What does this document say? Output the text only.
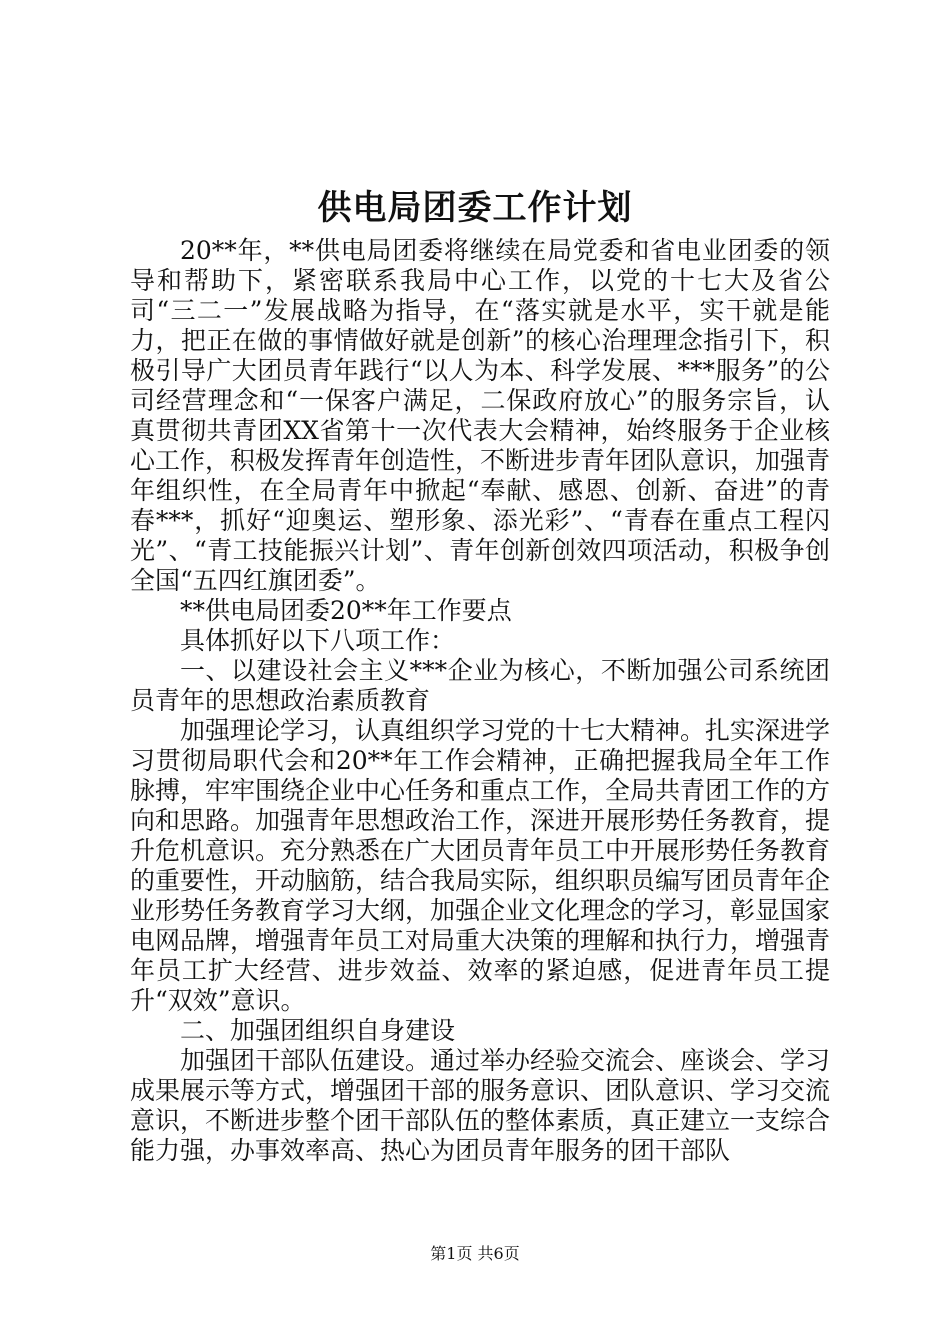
供电局团委工作计划

20**年，**供电局团委将继续在局党委和省电业团委的领导和帮助下，紧密联系我局中心工作，以党的十七大及省公司“三二一”发展战略为指导，在“落实就是水平，实干就是能力，把正在做的事情做好就是创新”的核心治理理念指引下，积极引导广大团员青年践行“以人为本、科学发展、***服务”的公司经营理念和“一保客户满足，二保政府放心”的服务宗旨，认真贯彻共青团XX省第十一次代表大会精神，始终服务于企业核心工作，积极发挥青年创造性，不断进步青年团队意识，加强青年组织性，在全局青年中掀起“奉献、感恩、创新、奋进”的青春***，抓好“迎奥运、塑形象、添光彩”、“青春在重点工程闪光”、“青工技能振兴计划”、青年创新创效四项活动，积极争创全国“五四红旗团委”。

**供电局团委20**年工作要点

具体抓好以下八项工作：

一、以建设社会主义***企业为核心，不断加强公司系统团员青年的思想政治素质教育

加强理论学习，认真组织学习党的十七大精神。扎实深进学习贯彻局职代会和20**年工作会精神，正确把握我局全年工作脉搏，牢牢围绕企业中心任务和重点工作，全局共青团工作的方向和思路。加强青年思想政治工作，深进开展形势任务教育，提升危机意识。充分熟悉在广大团员青年员工中开展形势任务教育的重要性，开动脑筋，结合我局实际，组织职员编写团员青年企业形势任务教育学习大纲，加强企业文化理念的学习，彰显国家电网品牌，增强青年员工对局重大决策的理解和执行力，增强青年员工扩大经营、进步效益、效率的紧迫感，促进青年员工提升“双效”意识。

二、加强团组织自身建设

加强团干部队伍建设。通过举办经验交流会、座谈会、学习成果展示等方式，增强团干部的服务意识、团队意识、学习交流意识，不断进步整个团干部队伍的整体素质，真正建立一支综合能力强，办事效率高、热心为团员青年服务的团干部队

第1页 共6页
